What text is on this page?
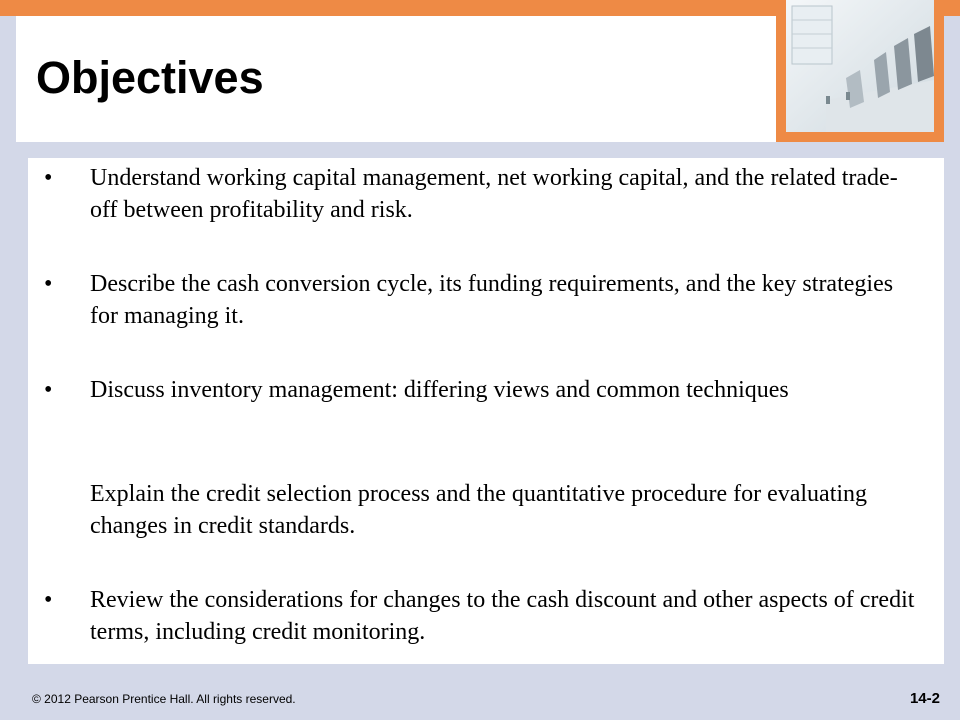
Objectives
•	Understand working capital management, net working capital, and the related trade-off between profitability and risk.
•	Describe the cash conversion cycle, its funding requirements, and the key strategies for managing it.
•	Discuss inventory management: differing views and common techniques
Explain the credit selection process and the quantitative procedure for evaluating changes in credit standards.
•	Review the considerations for changes to the cash discount and other aspects of credit terms, including credit monitoring.
© 2012 Pearson Prentice Hall. All rights reserved.	14-2
